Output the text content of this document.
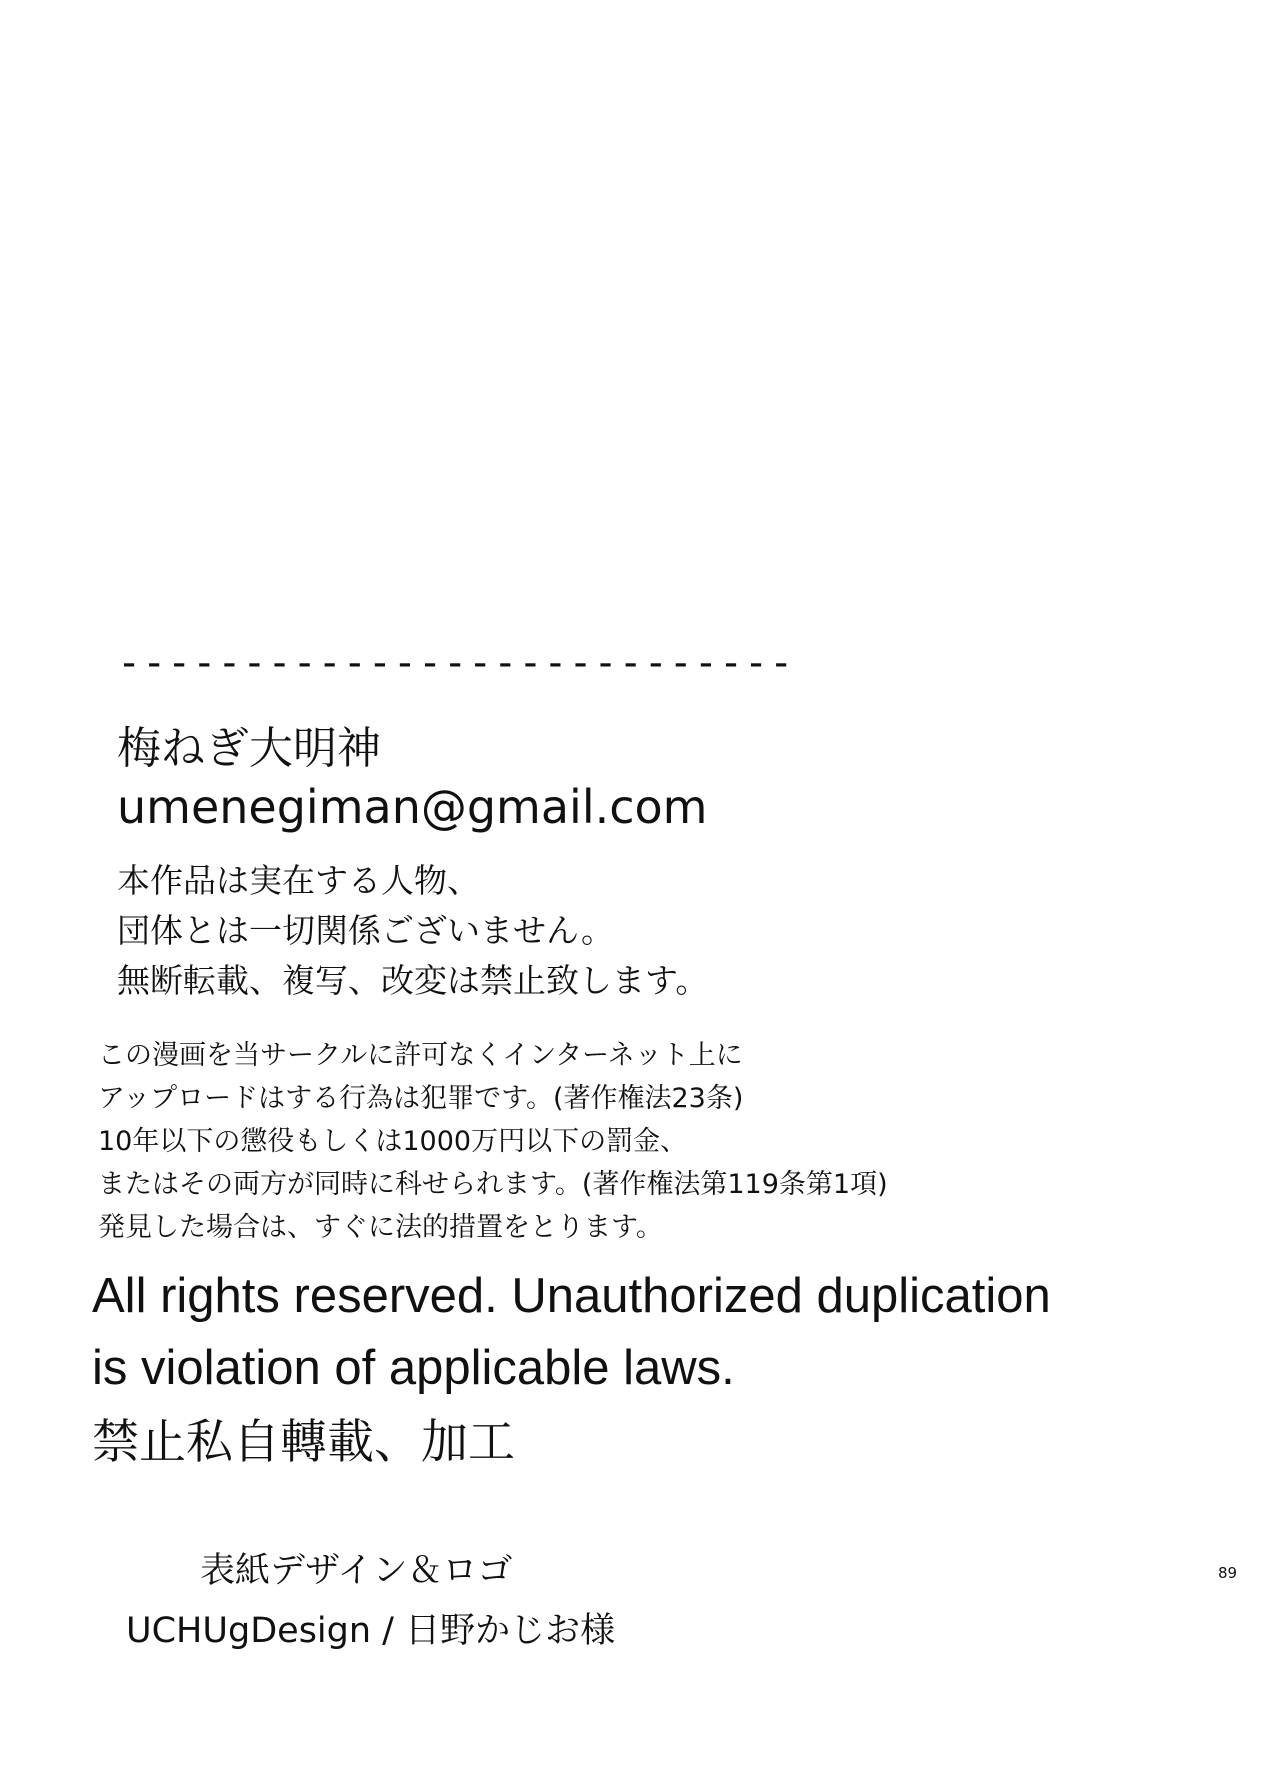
---------------------------
梅ねぎ大明神
umenegiman@gmail.com
本作品は実在する人物、
団体とは一切関係ございません。
無断転載、複写、改変は禁止致します。
この漫画を当サークルに許可なくインターネット上に
アップロードはする行為は犯罪です。(著作権法23条)
10年以下の懲役もしくは1000万円以下の罰金、
またはその両方が同時に科せられます。(著作権法第119条第1項)
発見した場合は、すぐに法的措置をとります。
All rights reserved. Unauthorized duplication
is violation of applicable laws.
禁止私自轉載、加工
表紙デザイン＆ロゴ
UCHUgDesign / 日野かじお様
89
